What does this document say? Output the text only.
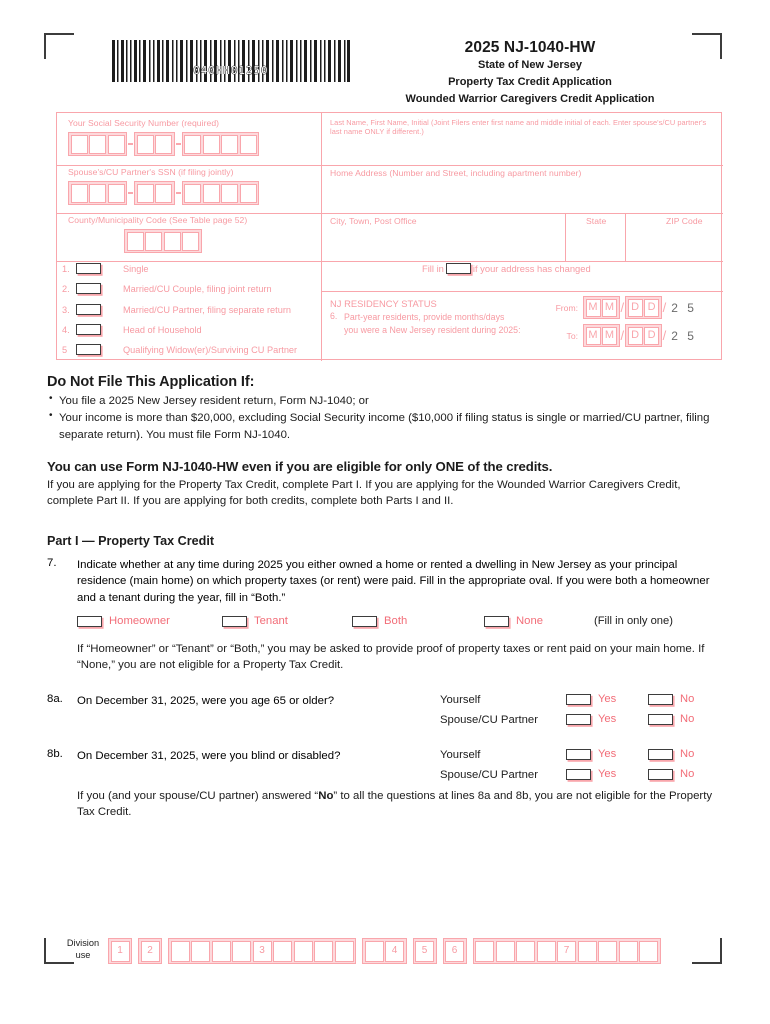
040HH01250
2025 NJ-1040-HW
State of New Jersey
Property Tax Credit Application
Wounded Warrior Caregivers Credit Application
Your Social Security Number (required)
Spouse's/CU Partner's SSN (if filing jointly)
County/Municipality Code (See Table page 52)
Last Name, First Name, Initial (Joint Filers enter first name and middle initial of each. Enter spouse's/CU partner's last name ONLY if different.)
Home Address (Number and Street, including apartment number)
City, Town, Post Office	State	ZIP Code
1.	Single
2.	Married/CU Couple, filing joint return
3.	Married/CU Partner, filing separate return
4.	Head of Household
5	Qualifying Widow(er)/Surviving CU Partner
Fill in	if your address has changed
NJ RESIDENCY STATUS
6. Part-year residents, provide months/days
you were a New Jersey resident during 2025:
From: M M / D D / 2 5
To: M M / D D / 2 5
Do Not File This Application If:
• You file a 2025 New Jersey resident return, Form NJ-1040; or
• Your income is more than $20,000, excluding Social Security income ($10,000 if filing status is single or married/CU partner, filing separate return). You must file Form NJ-1040.
You can use Form NJ-1040-HW even if you are eligible for only ONE of the credits.
If you are applying for the Property Tax Credit, complete Part I. If you are applying for the Wounded Warrior Caregivers Credit, complete Part II. If you are applying for both credits, complete both Parts I and II.
Part I — Property Tax Credit
7.	Indicate whether at any time during 2025 you either owned a home or rented a dwelling in New Jersey as your principal residence (main home) on which property taxes (or rent) were paid. Fill in the appropriate oval. If you were both a homeowner and a tenant during the year, fill in “Both.”
Homeowner	Tenant	Both	None	(Fill in only one)
If “Homeowner” or “Tenant” or “Both,” you may be asked to provide proof of property taxes or rent paid on your main home. If “None,” you are not eligible for a Property Tax Credit.
8a.	On December 31, 2025, were you age 65 or older?	Yourself	Yes	No
Spouse/CU Partner	Yes	No
8b.	On December 31, 2025, were you blind or disabled?	Yourself	Yes	No
Spouse/CU Partner	Yes	No
If you (and your spouse/CU partner) answered “No” to all the questions at lines 8a and 8b, you are not eligible for the Property Tax Credit.
Division
use	1	2	3	4	5	6	7
